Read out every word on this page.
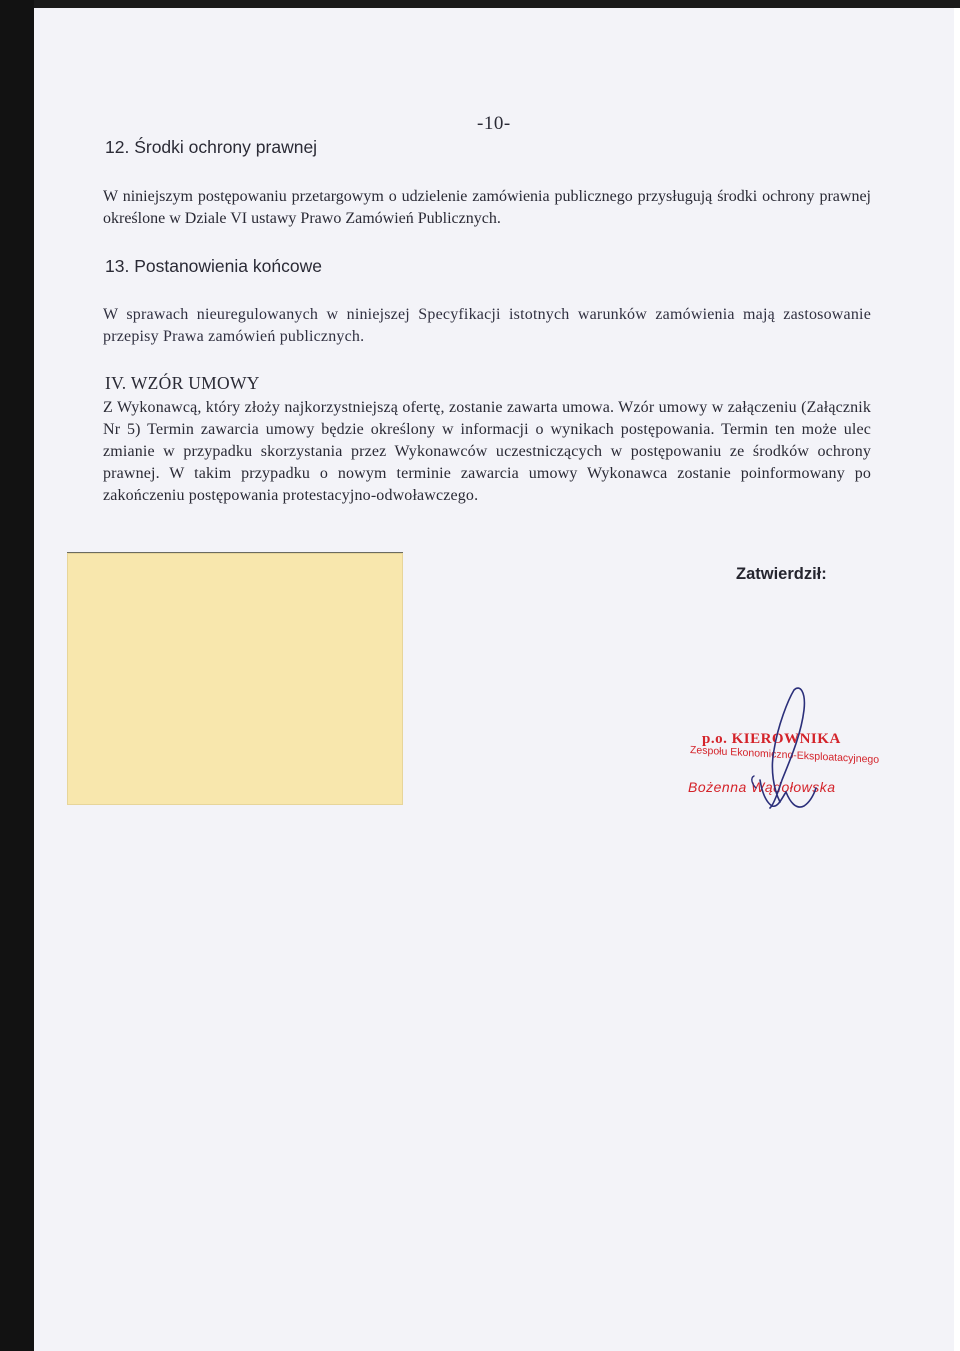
-10-
12. Środki ochrony prawnej
W niniejszym postępowaniu przetargowym o udzielenie zamówienia publicznego przysługują środki ochrony prawnej określone w Dziale VI ustawy Prawo Zamówień Publicznych.
13. Postanowienia końcowe
W sprawach nieuregulowanych w niniejszej Specyfikacji istotnych warunków zamówienia mają zastosowanie przepisy Prawa zamówień publicznych.
IV. WZÓR UMOWY
Z Wykonawcą, który złoży najkorzystniejszą ofertę, zostanie zawarta umowa. Wzór umowy w załączeniu (Załącznik Nr 5) Termin zawarcia umowy będzie określony w informacji o wynikach postępowania. Termin ten może ulec zmianie w przypadku skorzystania przez Wykonawców uczestniczących w postępowaniu ze środków ochrony prawnej. W takim przypadku o nowym terminie zawarcia umowy Wykonawca zostanie poinformowany po zakończeniu postępowania protestacyjno-odwoławczego.
Zatwierdził:
p.o. KIEROWNIKA
Zespołu Ekonomiczno-Eksploatacyjnego
Bożenna Wądołowska
